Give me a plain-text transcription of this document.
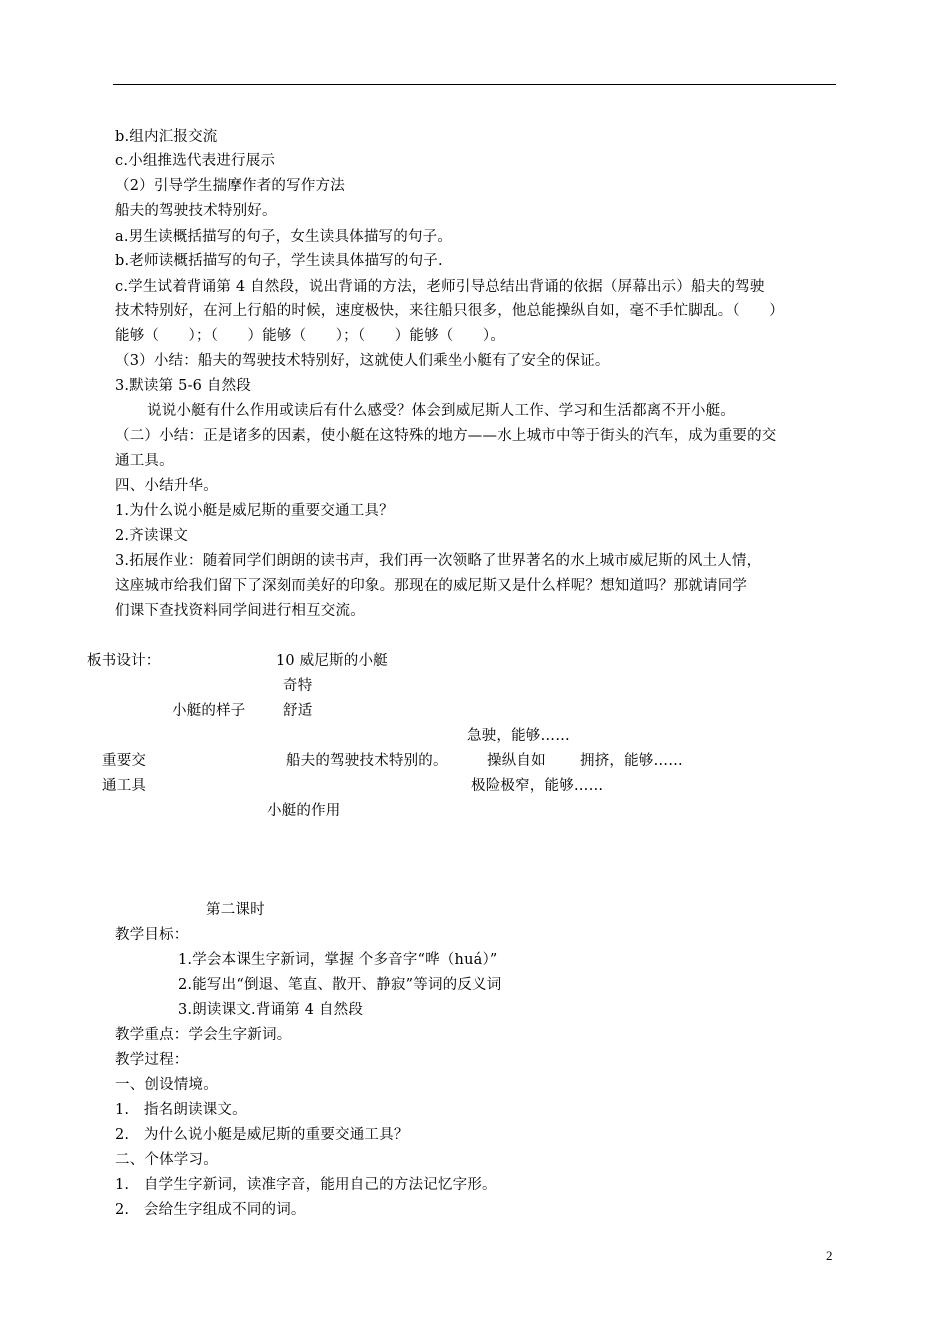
b.组内汇报交流
c.小组推选代表进行展示
（2）引导学生揣摩作者的写作方法
船夫的驾驶技术特别好。
a.男生读概括描写的句子，女生读具体描写的句子。
b.老师读概括描写的句子，学生读具体描写的句子.
c.学生试着背诵第 4 自然段，说出背诵的方法，老师引导总结出背诵的依据（屏幕出示）船夫的驾驶
技术特别好，在河上行船的时候，速度极快，来往船只很多，他总能操纵自如，毫不手忙脚乱。（　　）
能够（　　）；（　　）能够（　　）；（　　）能够（　　）。
（3）小结：船夫的驾驶技术特别好，这就使人们乘坐小艇有了安全的保证。
3.默读第 5-6 自然段
说说小艇有什么作用或读后有什么感受？体会到威尼斯人工作、学习和生活都离不开小艇。
（二）小结：正是诸多的因素，使小艇在这特殊的地方——水上城市中等于街头的汽车，成为重要的交
通工具。
四、小结升华。
1.为什么说小艇是威尼斯的重要交通工具？
2.齐读课文
3.拓展作业：随着同学们朗朗的读书声，我们再一次领略了世界著名的水上城市威尼斯的风土人情，
这座城市给我们留下了深刻而美好的印象。那现在的威尼斯又是什么样呢？想知道吗？那就请同学
们课下查找资料同学间进行相互交流。
板书设计：	10 威尼斯的小艇
奇特
小艇的样子	舒适
急驶，能够……
重要交	船夫的驾驶技术特别的。	操纵自如 拥挤，能够……
通工具	极险极窄，能够……
小艇的作用
第二课时
教学目标：
1.学会本课生字新词，掌握 个多音字“哗（huá）”
2.能写出“倒退、笔直、散开、静寂”等词的反义词
3.朗读课文.背诵第 4 自然段
教学重点：学会生字新词。
教学过程：
一、创设情境。
1.　指名朗读课文。
2.　为什么说小艇是威尼斯的重要交通工具？
二、个体学习。
1.　自学生字新词，读准字音，能用自己的方法记忆字形。
2.　会给生字组成不同的词。
2
